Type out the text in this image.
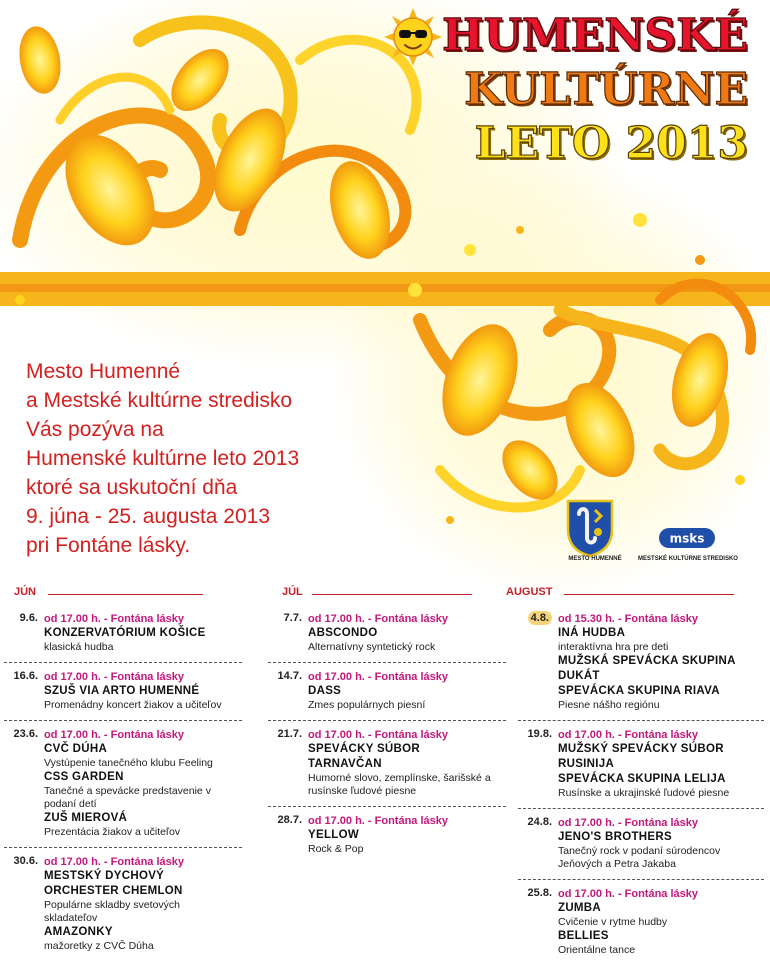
HUMENSKÉ
KULTÚRNE
LETO 2013
Mesto Humenné
a Mestské kultúrne stredisko
Vás pozýva na
Humenské kultúrne leto 2013
ktoré sa uskutoční dňa
9. júna - 25. augusta 2013
pri Fontáne lásky.
MESTO HUMENNÉ
msks
MESTSKÉ KULTÚRNE STREDISKO
JÚN	JÚL	AUGUST
9.6. od 17.00 h. - Fontána lásky
KONZERVATÓRIUM KOŠICE
klasická hudba
16.6. od 17.00 h. - Fontána lásky
SZUŠ VIA ARTO HUMENNÉ
Promenádny koncert žiakov a učiteľov
23.6. od 17.00 h. - Fontána lásky
CVČ DÚHA
Vystúpenie tanečného klubu Feeling
CSS GARDEN
Tanečné a spevácke predstavenie v podaní detí
ZUŠ MIEROVÁ
Prezentácia žiakov a učiteľov
30.6. od 17.00 h. - Fontána lásky
MESTSKÝ DYCHOVÝ ORCHESTER CHEMLON
Populárne skladby svetových skladateľov
AMAZONKY
mažoretky z CVČ Dúha
7.7. od 17.00 h. - Fontána lásky
ABSCONDO
Alternatívny syntetický rock
14.7. od 17.00 h. - Fontána lásky
DASS
Zmes populárnych piesní
21.7. od 17.00 h. - Fontána lásky
SPEVÁCKY SÚBOR TARNAVČAN
Humorné slovo, zemplínske, šarišské a rusínske ľudové piesne
28.7. od 17.00 h. - Fontána lásky
YELLOW
Rock & Pop
4.8. od 15.30 h. - Fontána lásky
INÁ HUDBA
interaktívna hra pre deti
MUŽSKÁ SPEVÁCKA SKUPINA DUKÁT
SPEVÁCKA SKUPINA RIAVA
Piesne nášho regiónu
19.8. od 17.00 h. - Fontána lásky
MUŽSKÝ SPEVÁCKY SÚBOR RUSINIJA
SPEVÁCKA SKUPINA LELIJA
Rusínske a ukrajinské ľudové piesne
24.8. od 17.00 h. - Fontána lásky
JENO'S BROTHERS
Tanečný rock v podaní súrodencov Jeňových a Petra Jakaba
25.8. od 17.00 h. - Fontána lásky
ZUMBA
Cvičenie v rytme hudby
BELLIES
Orientálne tance
